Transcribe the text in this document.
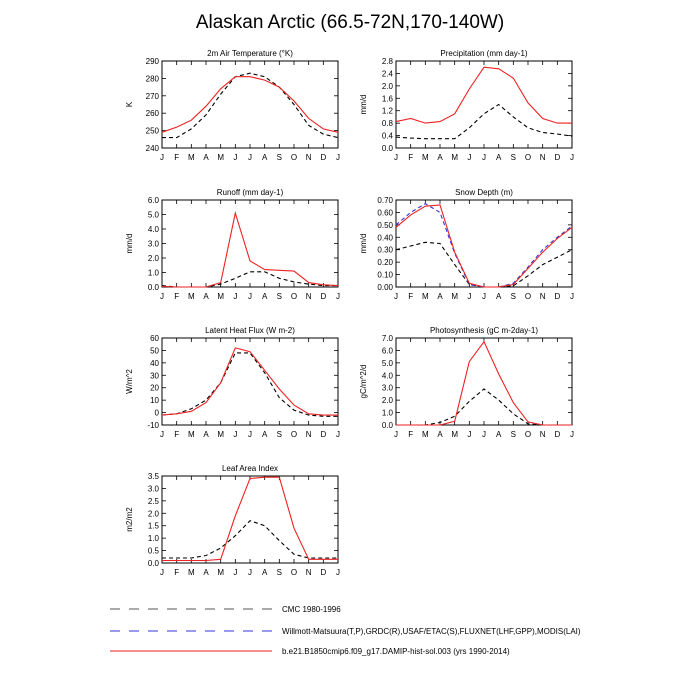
Alaskan Arctic (66.5-72N,170-140W)
2m Air Temperature (°K)
240
250
260
270
280
290
J F M A M J J A S O N D J
K
Precipitation (mm day-1)
0.0
0.4
0.8
1.2
1.6
2.0
2.4
2.8
J F M A M J J A S O N D J
mm/d
Runoff (mm day-1)
0.0
1.0
2.0
3.0
4.0
5.0
6.0
J F M A M J J A S O N D J
mm/d
Snow Depth (m)
0.00
0.10
0.20
0.30
0.40
0.50
0.60
0.70
J F M A M J J A S O N D J
mm/d
Latent Heat Flux (W m-2)
-10
0
10
20
30
40
50
60
J F M A M J J A S O N D J
W/m^2
Photosynthesis (gC m-2day-1)
0.0
1.0
2.0
3.0
4.0
5.0
6.0
7.0
J F M A M J J A S O N D J
gC/m^2/d
Leaf Area Index
0.0
0.5
1.0
1.5
2.0
2.5
3.0
3.5
J F M A M J J A S O N D J
m2/m2
CMC 1980-1996
Willmott-Matsuura(T,P),GRDC(R),USAF/ETAC(S),FLUXNET(LHF,GPP),MODIS(LAI)
b.e21.B1850cmip6.f09_g17.DAMIP-hist-sol.003 (yrs 1990-2014)
